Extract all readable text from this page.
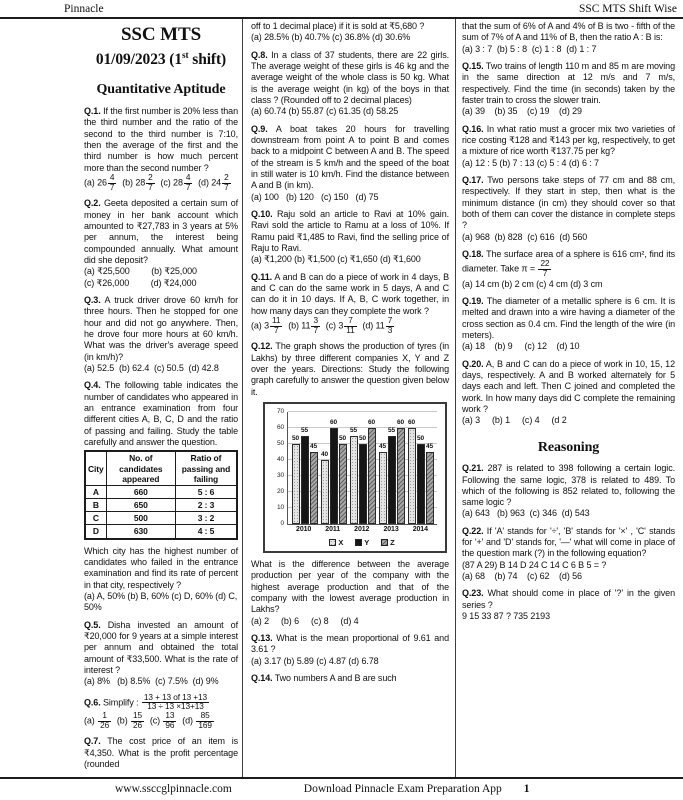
Pinnacle	SSC MTS Shift Wise
SSC MTS
01/09/2023 (1st shift)
Quantitative Aptitude
Q.1. If the first number is 20% less than the third number and the ratio of the second to the third number is 7:10, then the average of the first and the third number is how much percent more than the second number ?
(a) $26 \frac{4}{7} (b)$ $28 \frac{2}{7} (c)$ $28 \frac{4}{7} (d)$ $24 \frac{2}{7}$
Q.2. Geeta deposited a certain sum of money in her bank account which amounted to ₹27,783 in 3 years at 5% per annum, the interest being compounded annually. What amount did she deposit?
(a) ₹25,500         (b) ₹25,000
(c) ₹26,000         (d) ₹24,000
Q.3. A truck driver drove 60 km/h for three hours. Then he stopped for one hour and did not go anywhere. Then, he drove four more hours at 60 km/h. What was the driver's average speed (in km/h)?
(a) 52.5  (b) 62.4  (c) 50.5  (d) 42.8
Q.4. The following table indicates the number of candidates who appeared in an entrance examination from four different cities A, B, C, D and the ratio of passing and failing. Study the table carefully and answer the question.
City	No. of candidates appeared	Ratio of passing and failing
A	660	5 : 6
B	650	2 : 3
C	500	3 : 2
D	630	4 : 5
Which city has the highest number of candidates who failed in the entrance examination and find its rate of percent in that city, respectively ?
(a) A, 50% (b) B, 60% (c) D, 60% (d) C, 50%
Q.5. Disha invested an amount of ₹20,000 for 9 years at a simple interest per annum and obtained the total amount of ₹33,500. What is the rate of interest ?
(a) 8%   (b) 8.5%  (c) 7.5%  (d) 9%
Q.6. Simplify : $\frac{13 + 13 of 13 +13}{13 \div 13 \times 13+13}$
$(a) \frac{1}{26} (b) \frac{15}{26} (c) \frac{13}{96} (d) \frac{85}{169}$
Q.7. The cost price of an item is ₹4,350. What is the profit percentage (rounded
off to 1 decimal place) if it is sold at ₹5,680 ?
(a) 28.5% (b) 40.7% (c) 36.8% (d) 30.6%
Q.8. In a class of 37 students, there are 22 girls. The average weight of these girls is 46 kg and the average weight of the whole class is 50 kg. What is the average weight (in kg) of the boys in that class ? (Rounded off to 2 decimal places)
(a) 60.74 (b) 55.87 (c) 61.35 (d) 58.25
Q.9. A boat takes 20 hours for travelling downstream from point A to point B and comes back to a midpoint C between A and B. The speed of the stream is 5 km/h and the speed of the boat in still water is 10 km/h. Find the distance between A and B (in km).
(a) 100   (b) 120   (c) 150   (d) 75
Q.10. Raju sold an article to Ravi at 10% gain. Ravi sold the article to Ramu at a loss of 10%. If Ramu paid ₹1,485 to Ravi, find the selling price of Raju to Ravi.
(a) ₹1,200 (b) ₹1,500 (c) ₹1,650 (d) ₹1,600
Q.11. A and B can do a piece of work in 4 days, B and C can do the same work in 5 days, A and C can do it in 10 days. If A, B, C work together, in how many days can they complete the work ?
(a) $3 \frac{11}{7} (b)$ $11 \frac{3}{7} (c)$ $3 \frac{7}{11} (d)$ $11 \frac{7}{3}$
Q.12. The graph shows the production of tyres (in Lakhs) by three different companies X, Y and Z over the years. Directions: Study the following graph carefully to answer the question given below it.
0
10
20
30
40
50
60
70
50
55
45
40
60
50
55
50
60
45
55
60 60
50
45
2010 2011 2012 2013 2014
X	Y	Z
What is the difference between the average production per year of the company with the highest average production and that of the company with the lowest average production in Lakhs?
(a) 2     (b) 6     (c) 8     (d) 4
Q.13. What is the mean proportional of 9.61 and 3.61 ?
(a) 3.17 (b) 5.89 (c) 4.87 (d) 6.78
Q.14. Two numbers A and B are such
that the sum of 6% of A and 4% of B is two - fifth of the sum of 7% of A and 11% of B, then the ratio A : B is:
(a) 3 : 7  (b) 5 : 8  (c) 1 : 8  (d) 1 : 7
Q.15. Two trains of length 110 m and 85 m are moving in the same direction at 12 m/s and 7 m/s, respectively. Find the time (in seconds) taken by the faster train to cross the slower train.
(a) 39    (b) 35    (c) 19    (d) 29
Q.16. In what ratio must a grocer mix two varieties of rice costing ₹128 and ₹143 per kg, respectively, to get a mixture of rice worth ₹137.75 per kg?
(a) 12 : 5 (b) 7 : 13 (c) 5 : 4 (d) 6 : 7
Q.17. Two persons take steps of 77 cm and 88 cm, respectively. If they start in step, then what is the minimum distance (in cm) they should cover so that both of them can cover the distance in complete steps ?
(a) 968  (b) 828  (c) 616  (d) 560
Q.18. The surface area of a sphere is 616 cm², find its diameter. Take $\pi = \frac{22}{7}$
(a) 14 cm (b) 2 cm (c) 4 cm (d) 3 cm
Q.19. The diameter of a metallic sphere is 6 cm. It is melted and drawn into a wire having a diameter of the cross section as 0.4 cm. Find the length of the wire (in meters).
(a) 18    (b) 9     (c) 12    (d) 10
Q.20. A, B and C can do a piece of work in 10, 15, 12 days, respectively. A and B worked alternately for 5 days each and left. Then C joined and completed the work. In how many days did C complete the remaining work ?
(a) 3     (b) 1     (c) 4     (d 2
Reasoning
Q.21. 287 is related to 398 following a certain logic. Following the same logic, 378 is related to 489. To which of the following is 852 related to, following the same logic ?
(a) 643   (b) 963  (c) 346  (d) 543
Q.22. If 'A' stands for '÷', 'B' stands for '×' , 'C' stands for '+' and 'D' stands for, '—' what will come in place of the question mark (?) in the following equation?
(87 A 29) B 14 D 24 C 14 C 6 B 5 = ?
(a) 68    (b) 74    (c) 62    (d) 56
Q.23. What should come in place of '?' in the given series ?
9 15 33 87 ? 735 2193
www.ssccglpinnacle.com	Download Pinnacle Exam Preparation App 1
